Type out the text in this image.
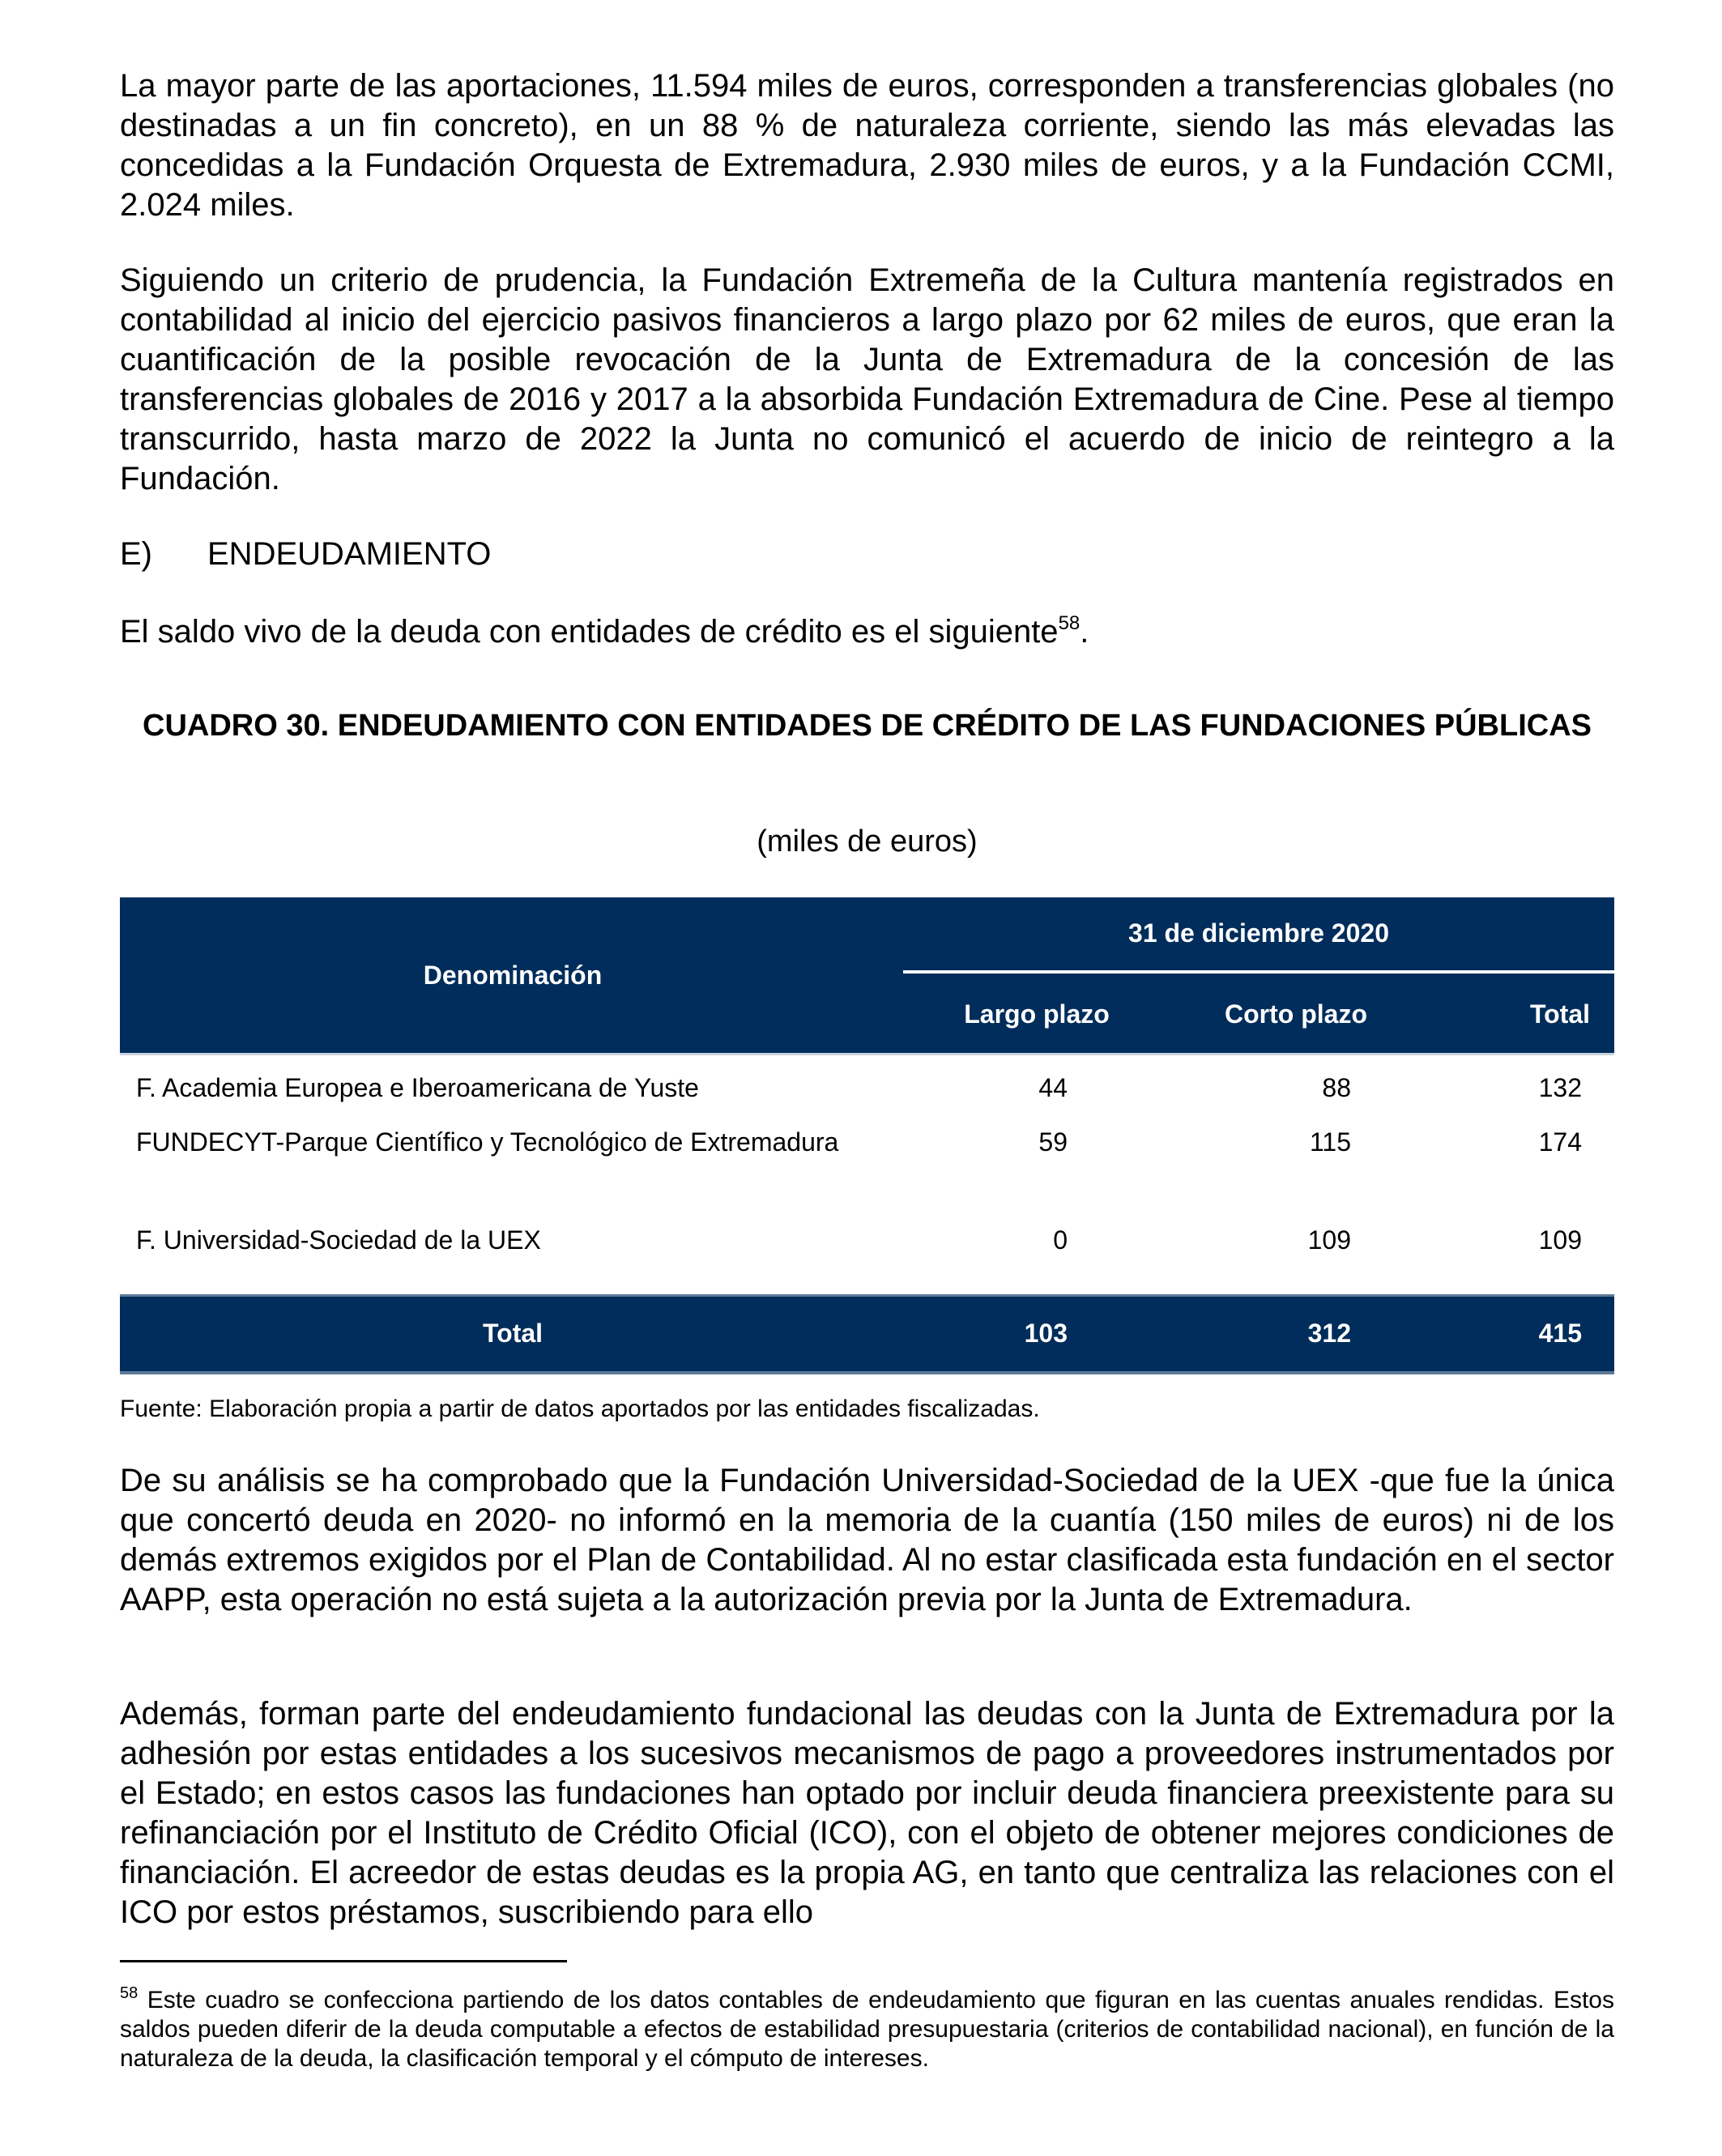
La mayor parte de las aportaciones, 11.594 miles de euros, corresponden a transferencias globales (no destinadas a un fin concreto), en un 88 % de naturaleza corriente, siendo las más elevadas las concedidas a la Fundación Orquesta de Extremadura, 2.930 miles de euros, y a la Fundación CCMI, 2.024 miles.

Siguiendo un criterio de prudencia, la Fundación Extremeña de la Cultura mantenía registrados en contabilidad al inicio del ejercicio pasivos financieros a largo plazo por 62 miles de euros, que eran la cuantificación de la posible revocación de la Junta de Extremadura de la concesión de las transferencias globales de 2016 y 2017 a la absorbida Fundación Extremadura de Cine. Pese al tiempo transcurrido, hasta marzo de 2022 la Junta no comunicó el acuerdo de inicio de reintegro a la Fundación.

E) ENDEUDAMIENTO

El saldo vivo de la deuda con entidades de crédito es el siguiente$^{58}$.

CUADRO 30. ENDEUDAMIENTO CON ENTIDADES DE CRÉDITO DE LAS FUNDACIONES PÚBLICAS
(miles de euros)
Denominación
31 de diciembre 2020
Largo plazo	Corto plazo	Total
F. Academia Europea e Iberoamericana de Yuste	44	88	132
FUNDECYT-Parque Científico y Tecnológico de Extremadura	59	115	174
F. Universidad-Sociedad de la UEX	0	109	109
Total	103	312	415
Fuente: Elaboración propia a partir de datos aportados por las entidades fiscalizadas.

De su análisis se ha comprobado que la Fundación Universidad-Sociedad de la UEX -que fue la única que concertó deuda en 2020- no informó en la memoria de la cuantía (150 miles de euros) ni de los demás extremos exigidos por el Plan de Contabilidad. Al no estar clasificada esta fundación en el sector AAPP, esta operación no está sujeta a la autorización previa por la Junta de Extremadura.

Además, forman parte del endeudamiento fundacional las deudas con la Junta de Extremadura por la adhesión por estas entidades a los sucesivos mecanismos de pago a proveedores instrumentados por el Estado; en estos casos las fundaciones han optado por incluir deuda financiera preexistente para su refinanciación por el Instituto de Crédito Oficial (ICO), con el objeto de obtener mejores condiciones de financiación. El acreedor de estas deudas es la propia AG, en tanto que centraliza las relaciones con el ICO por estos préstamos, suscribiendo para ello

$^{58}$ Este cuadro se confecciona partiendo de los datos contables de endeudamiento que figuran en las cuentas anuales rendidas. Estos saldos pueden diferir de la deuda computable a efectos de estabilidad presupuestaria (criterios de contabilidad nacional), en función de la naturaleza de la deuda, la clasificación temporal y el cómputo de intereses.
